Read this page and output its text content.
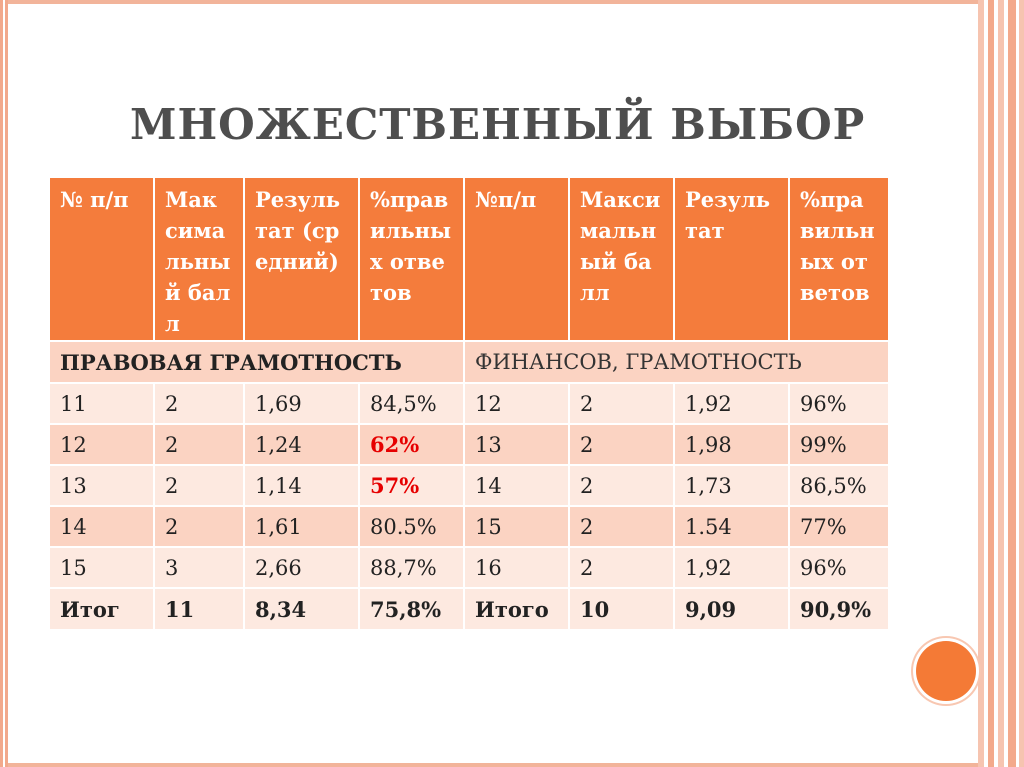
МНОЖЕСТВЕННЫЙ ВЫБОР
№ п/п	Мак симальный балл	Результат (средний)	%правильных ответов	№п/п	Максимальный балл	Результат	%правильных ответов
ПРАВОВАЯ ГРАМОТНОСТЬ				ФИНАНСОВ, ГРАМОТНОСТЬ			
11	2	1,69	84,5%	12	2	1,92	96%
12	2	1,24	62%	13	2	1,98	99%
13	2	1,14	57%	14	2	1,73	86,5%
14	2	1,61	80.5%	15	2	1.54	77%
15	3	2,66	88,7%	16	2	1,92	96%
Итог	11	8,34	75,8%	Итого	10	9,09	90,9%
